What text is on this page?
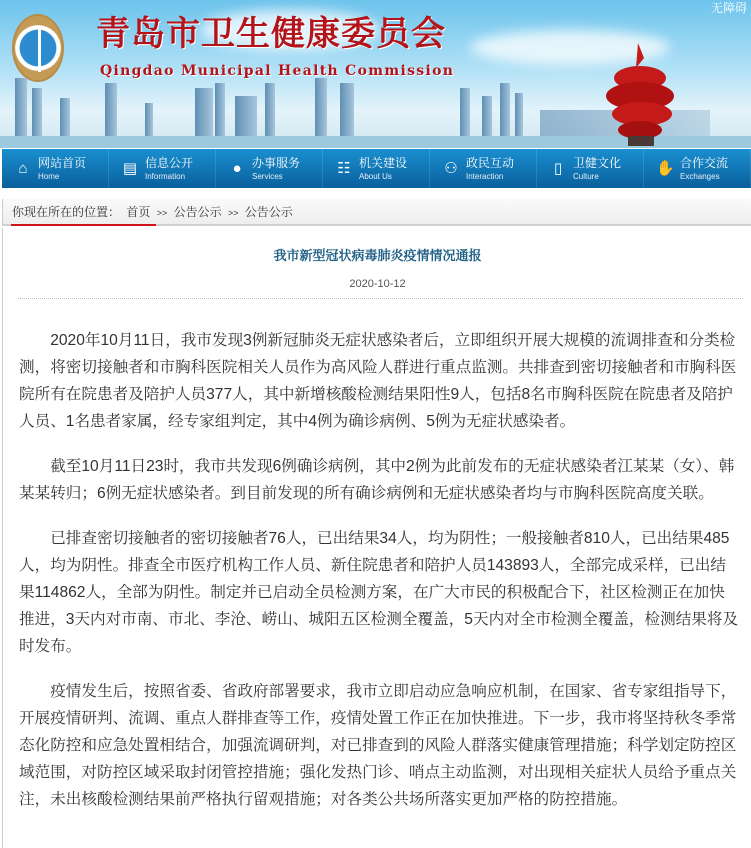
青岛市卫生健康委员会
Qingdao Municipal Health Commission
无障碍
⌂ 网站首页
Home	▤ 信息公开
Information	● 办事服务
Services	☷ 机关建设
About Us	⚇ 政民互动
Interaction	▯ 卫健文化
Culture	✋ 合作交流
Exchanges
你现在所在的位置： 首页 >> 公告公示 >> 公告公示
我市新型冠状病毒肺炎疫情情况通报
2020-10-12

2020年10月11日，我市发现3例新冠肺炎无症状感染者后，立即组织开展大规模的流调排查和分类检测，将密切接触者和市胸科医院相关人员作为高风险人群进行重点监测。共排查到密切接触者和市胸科医院所有在院患者及陪护人员377人，其中新增核酸检测结果阳性9人，包括8名市胸科医院在院患者及陪护人员、1名患者家属，经专家组判定，其中4例为确诊病例、5例为无症状感染者。

截至10月11日23时，我市共发现6例确诊病例，其中2例为此前发布的无症状感染者江某某（女）、韩某某转归；6例无症状感染者。到目前发现的所有确诊病例和无症状感染者均与市胸科医院高度关联。

已排查密切接触者的密切接触者76人，已出结果34人，均为阴性；一般接触者810人，已出结果485人，均为阴性。排查全市医疗机构工作人员、新住院患者和陪护人员143893人，全部完成采样，已出结果114862人，全部为阴性。制定并已启动全员检测方案，在广大市民的积极配合下，社区检测正在加快推进，3天内对市南、市北、李沧、崂山、城阳五区检测全覆盖，5天内对全市检测全覆盖，检测结果将及时发布。

疫情发生后，按照省委、省政府部署要求，我市立即启动应急响应机制，在国家、省专家组指导下，开展疫情研判、流调、重点人群排查等工作，疫情处置工作正在加快推进。下一步，我市将坚持秋冬季常态化防控和应急处置相结合，加强流调研判，对已排查到的风险人群落实健康管理措施；科学划定防控区域范围，对防控区域采取封闭管控措施；强化发热门诊、哨点主动监测，对出现相关症状人员给予重点关注，未出核酸检测结果前严格执行留观措施；对各类公共场所落实更加严格的防控措施。
